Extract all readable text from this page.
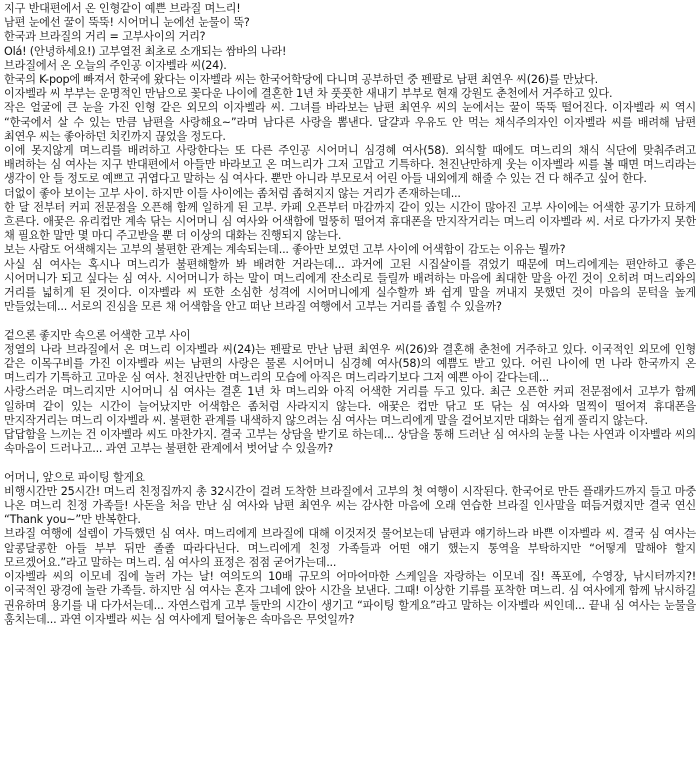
지구 반대편에서 온 인형같이 예쁜 브라질 며느리!

남편 눈에선 꿀이 뚝뚝! 시어머니 눈에선 눈물이 뚝?

한국과 브라질의 거리 = 고부사이의 거리?

Olá! (안녕하세요!) 고부열전 최초로 소개되는 쌈바의 나라!

브라질에서 온 오늘의 주인공 이자벨라 씨(24).

한국의 K-pop에 빠져서 한국에 왔다는 이자벨라 씨는 한국어학당에 다니며 공부하던 중 펜팔로 남편 최연우 씨(26)를 만났다.

이자벨라 씨 부부는 운명적인 만남으로 꽃다운 나이에 결혼한 1년 차 풋풋한 새내기 부부로 현재 강원도 춘천에서 거주하고 있다.

작은 얼굴에 큰 눈을 가진 인형 같은 외모의 이자벨라 씨. 그녀를 바라보는 남편 최연우 씨의 눈에서는 꿀이 뚝뚝 떨어진다. 이자벨라 씨 역시 “한국에서 살 수 있는 만큼 남편을 사랑해요~”라며 남다른 사랑을 뽐낸다. 달걀과 우유도 안 먹는 채식주의자인 이자벨라 씨를 배려해 남편 최연우 씨는 좋아하던 치킨까지 끊었을 정도다.

이에 못지않게 며느리를 배려하고 사랑한다는 또 다른 주인공 시어머니 심경혜 여사(58). 외식할 때에도 며느리의 채식 식단에 맞춰주려고 배려하는 심 여사는 지구 반대편에서 아들만 바라보고 온 며느리가 그저 고맙고 기특하다. 천진난만하게 웃는 이자벨라 씨를 볼 때면 며느리라는 생각이 안 들 정도로 예쁘고 귀엽다고 말하는 심 여사다. 뿐만 아니라 부모로서 어린 아들 내외에게 해줄 수 있는 건 다 해주고 싶어 한다.

더없이 좋아 보이는 고부 사이. 하지만 이들 사이에는 좀처럼 좁혀지지 않는 거리가 존재하는데...

한 달 전부터 커피 전문점을 오픈해 함께 일하게 된 고부. 카페 오픈부터 마감까지 같이 있는 시간이 많아진 고부 사이에는 어색한 공기가 묘하게 흐른다. 애꿎은 유리컵만 계속 닦는 시어머니 심 여사와 어색함에 멀뚱히 떨어져 휴대폰을 만지작거리는 며느리 이자벨라 씨. 서로 다가가지 못한 채 필요한 말만 몇 마디 주고받을 뿐 더 이상의 대화는 진행되지 않는다.

보는 사람도 어색해지는 고부의 불편한 관계는 계속되는데... 좋아만 보였던 고부 사이에 어색함이 감도는 이유는 뭘까?

사실 심 여사는 혹시나 며느리가 불편해할까 봐 배려한 거라는데... 과거에 고된 시집살이를 겪었기 때문에 며느리에게는 편안하고 좋은 시어머니가 되고 싶다는 심 여사. 시어머니가 하는 말이 며느리에게 잔소리로 들릴까 배려하는 마음에 최대한 말을 아낀 것이 오히려 며느리와의 거리를 넓히게 된 것이다. 이자벨라 씨 또한 소심한 성격에 시어머니에게 실수할까 봐 쉽게 말을 꺼내지 못했던 것이 마음의 문턱을 높게 만들었는데... 서로의 진심을 모른 채 어색함을 안고 떠난 브라질 여행에서 고부는 거리를 좁힐 수 있을까?

겉으론 좋지만 속으론 어색한 고부 사이

정열의 나라 브라질에서 온 며느리 이자벨라 씨(24)는 펜팔로 만난 남편 최연우 씨(26)와 결혼해 춘천에 거주하고 있다. 이국적인 외모에 인형 같은 이목구비를 가진 이자벨라 씨는 남편의 사랑은 물론 시어머니 심경혜 여사(58)의 예쁨도 받고 있다. 어린 나이에 먼 나라 한국까지 온 며느리가 기특하고 고마운 심 여사. 천진난만한 며느리의 모습에 아직은 며느리라기보다 그저 예쁜 아이 같다는데...

사랑스러운 며느리지만 시어머니 심 여사는 결혼 1년 차 며느리와 아직 어색한 거리를 두고 있다. 최근 오픈한 커피 전문점에서 고부가 함께 일하며 같이 있는 시간이 늘어났지만 어색함은 좀처럼 사라지지 않는다. 애꿎은 컵만 닦고 또 닦는 심 여사와 멀찍이 떨어져 휴대폰을 만지작거리는 며느리 이자벨라 씨. 불편한 관계를 내색하지 않으려는 심 여사는 며느리에게 말을 걸어보지만 대화는 쉽게 풀리지 않는다.

답답함을 느끼는 건 이자벨라 씨도 마찬가지. 결국 고부는 상담을 받기로 하는데... 상담을 통해 드러난 심 여사의 눈물 나는 사연과 이자벨라 씨의 속마음이 드러나고... 과연 고부는 불편한 관계에서 벗어날 수 있을까?

어머니, 앞으로 파이팅 할게요

비행시간만 25시간! 며느리 친정집까지 총 32시간이 걸려 도착한 브라질에서 고부의 첫 여행이 시작된다. 한국어로 만든 플래카드까지 들고 마중 나온 며느리 친정 가족들! 사돈을 처음 만난 심 여사와 남편 최연우 씨는 감사한 마음에 오래 연습한 브라질 인사말을 떠듬거렸지만 결국 연신 “Thank you~”만 반복한다.

브라질 여행에 설렘이 가득했던 심 여사. 며느리에게 브라질에 대해 이것저것 물어보는데 남편과 얘기하느라 바쁜 이자벨라 씨. 결국 심 여사는 알콩달콩한 아들 부부 뒤만 졸졸 따라다닌다. 며느리에게 친정 가족들과 어떤 얘기 했는지 통역을 부탁하지만 “어떻게 말해야 할지 모르겠어요.”라고 말하는 며느리. 심 여사의 표정은 점점 굳어가는데...

이자벨라 씨의 이모네 집에 놀러 가는 날! 여의도의 10배 규모의 어마어마한 스케일을 자랑하는 이모네 집! 폭포에, 수영장, 낚시터까지?! 이국적인 광경에 놀란 가족들. 하지만 심 여사는 혼자 그네에 앉아 시간을 보낸다. 그때! 이상한 기류를 포착한 며느리. 심 여사에게 함께 낚시하길 권유하며 용기를 내 다가서는데... 자연스럽게 고부 둘만의 시간이 생기고 “파이팅 할게요”라고 말하는 이자벨라 씨인데... 끝내 심 여사는 눈물을 훔치는데... 과연 이자벨라 씨는 심 여사에게 털어놓은 속마음은 무엇일까?
